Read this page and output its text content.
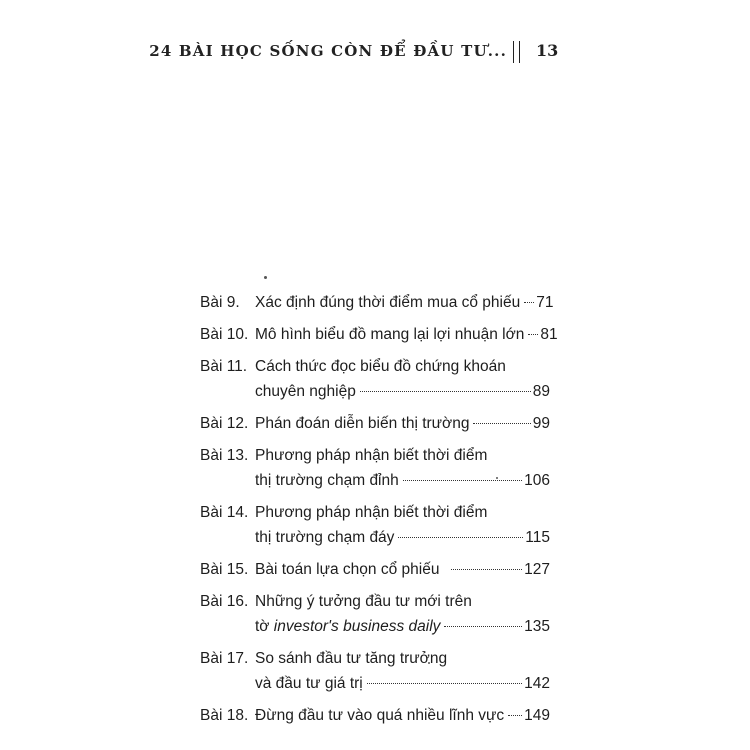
24 BÀI HỌC SỐNG CÒN ĐỂ ĐẦU TƯ... 13
Bài 9. Xác định đúng thời điểm mua cổ phiếu 71
Bài 10. Mô hình biểu đồ mang lại lợi nhuận lớn 81
Bài 11. Cách thức đọc biểu đồ chứng khoán
chuyên nghiệp	89
Bài 12. Phán đoán diễn biến thị trường	99
Bài 13. Phương pháp nhận biết thời điểm
thị trường chạm đỉnh	106
Bài 14. Phương pháp nhận biết thời điểm
thị trường chạm đáy	115
Bài 15. Bài toán lựa chọn cổ phiếu	127
Bài 16. Những ý tưởng đầu tư mới trên
tờ investor's business daily	135
Bài 17. So sánh đầu tư tăng trưởng
và đầu tư giá trị	142
Bài 18. Đừng đầu tư vào quá nhiều lĩnh vực 149
